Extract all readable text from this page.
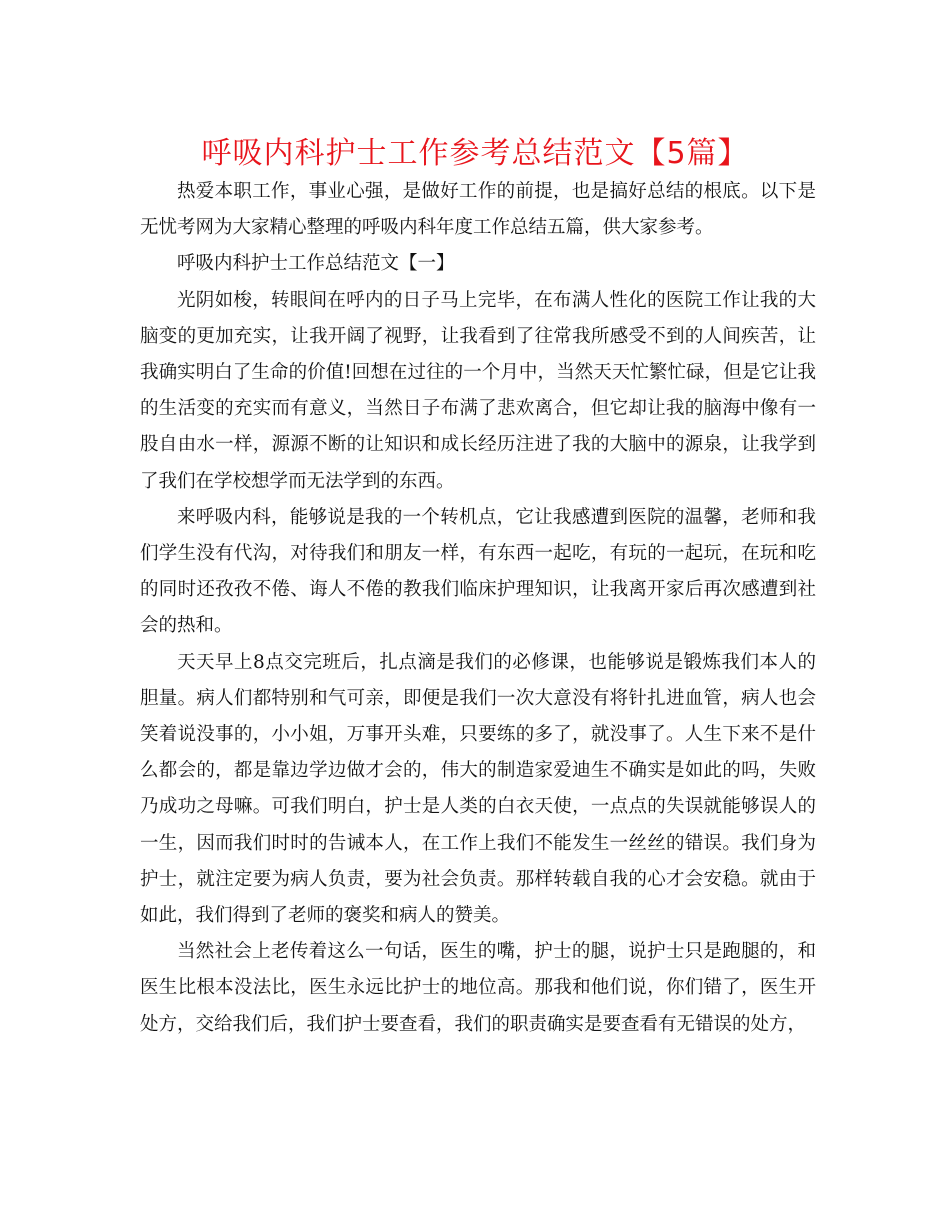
呼吸内科护士工作参考总结范文【5篇】

热爱本职工作，事业心强，是做好工作的前提，也是搞好总结的根底。以下是无忧考网为大家精心整理的呼吸内科年度工作总结五篇，供大家参考。

呼吸内科护士工作总结范文【一】

光阴如梭，转眼间在呼内的日子马上完毕，在布满人性化的医院工作让我的大脑变的更加充实，让我开阔了视野，让我看到了往常我所感受不到的人间疾苦，让我确实明白了生命的价值!回想在过往的一个月中，当然天天忙繁忙碌，但是它让我的生活变的充实而有意义，当然日子布满了悲欢离合，但它却让我的脑海中像有一股自由水一样，源源不断的让知识和成长经历注进了我的大脑中的源泉，让我学到了我们在学校想学而无法学到的东西。

来呼吸内科，能够说是我的一个转机点，它让我感遭到医院的温馨，老师和我们学生没有代沟，对待我们和朋友一样，有东西一起吃，有玩的一起玩，在玩和吃的同时还孜孜不倦、诲人不倦的教我们临床护理知识，让我离开家后再次感遭到社会的热和。

天天早上8点交完班后，扎点滴是我们的必修课，也能够说是锻炼我们本人的胆量。病人们都特别和气可亲，即便是我们一次大意没有将针扎进血管，病人也会笑着说没事的，小小姐，万事开头难，只要练的多了，就没事了。人生下来不是什么都会的，都是靠边学边做才会的，伟大的制造家爱迪生不确实是如此的吗，失败乃成功之母嘛。可我们明白，护士是人类的白衣天使，一点点的失误就能够误人的一生，因而我们时时的告诫本人，在工作上我们不能发生一丝丝的错误。我们身为护士，就注定要为病人负责，要为社会负责。那样转载自我的心才会安稳。就由于如此，我们得到了老师的褒奖和病人的赞美。

当然社会上老传着这么一句话，医生的嘴，护士的腿，说护士只是跑腿的，和医生比根本没法比，医生永远比护士的地位高。那我和他们说，你们错了，医生开处方，交给我们后，我们护士要查看，我们的职责确实是要查看有无错误的处方，
